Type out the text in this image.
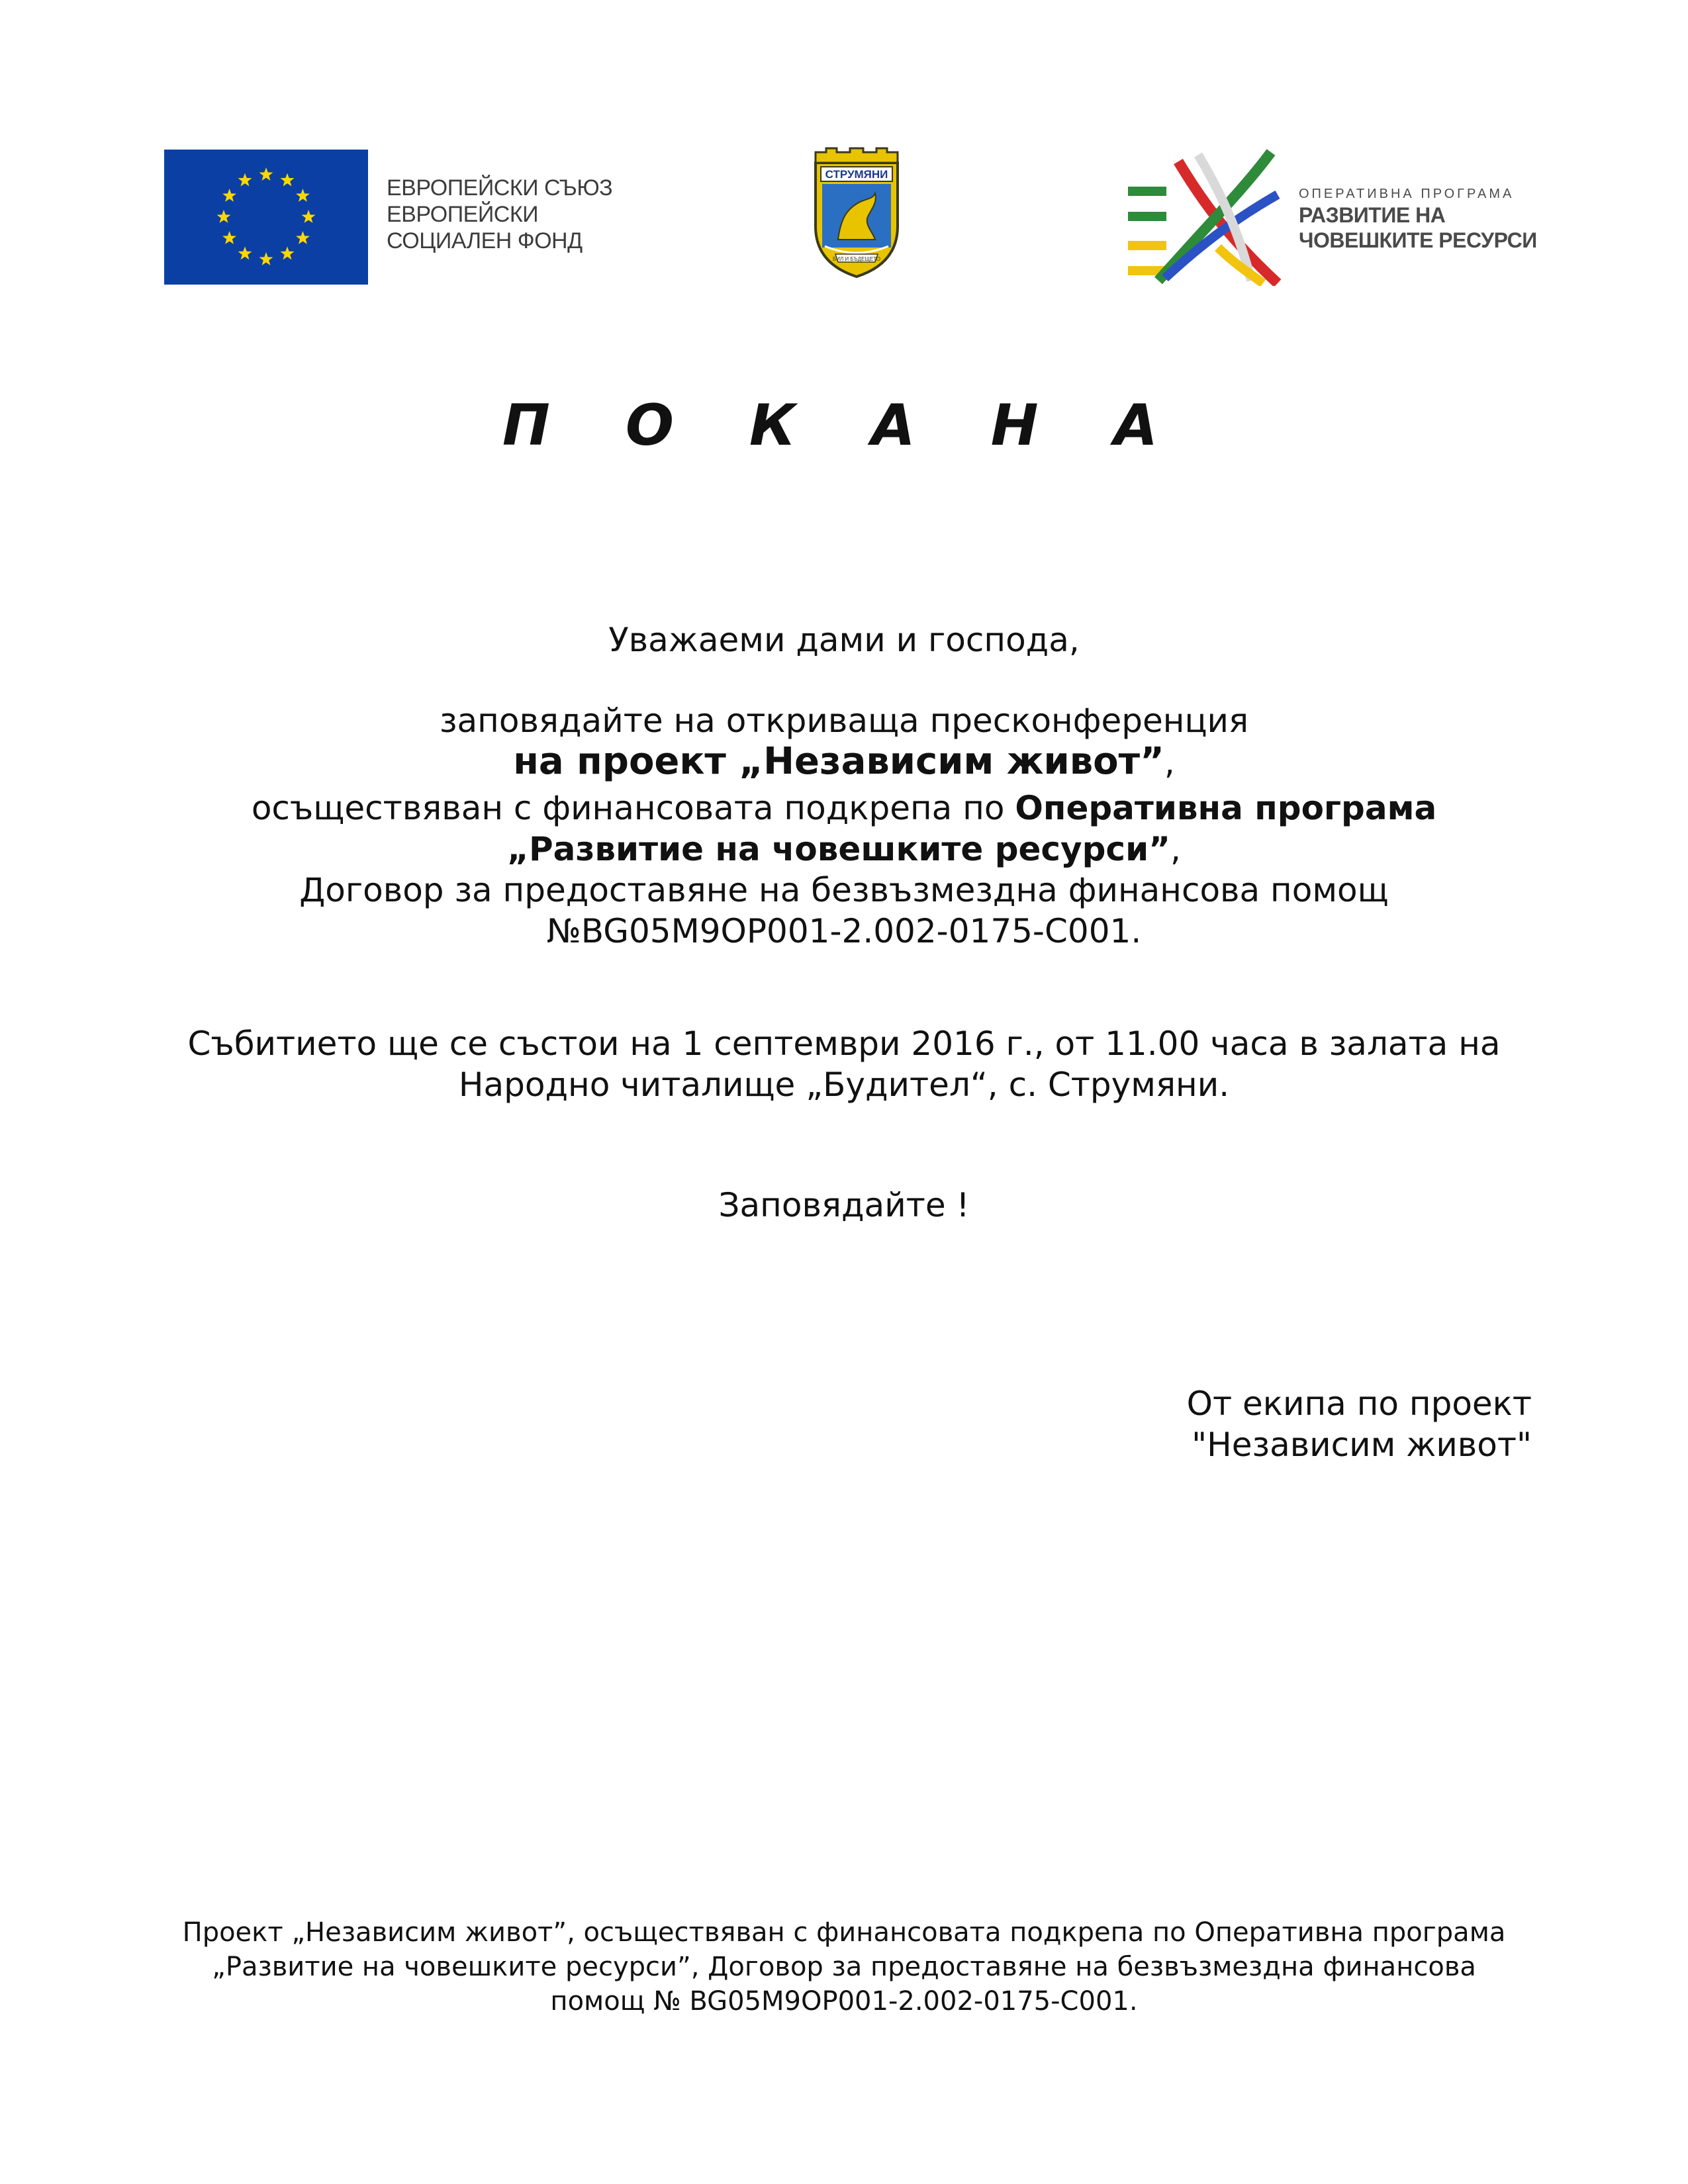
ЕВРОПЕЙСКИ СЪЮЗ
ЕВРОПЕЙСКИ
СОЦИАЛЕН ФОНД
СТРУМЯНИ
БИЛ И БЪДЕЩЕТО
ОПЕРАТИВНА ПРОГРАМА
РАЗВИТИЕ НА
ЧОВЕШКИТЕ РЕСУРСИ
П О К А Н А
Уважаеми дами и господа,
заповядайте на откриваща пресконференция
на проект „Независим живот”,
осъществяван с финансовата подкрепа по Оперативна програма
„Развитие на човешките ресурси”,
Договор за предоставяне на безвъзмездна финансова помощ
№BG05M9OP001-2.002-0175-C001.
Събитието ще се състои на 1 септември 2016 г., от 11.00 часа в залата на
Народно читалище „Будител“, с. Струмяни.
Заповядайте !
От екипа по проект
"Независим живот"
Проект „Независим живот”, осъществяван с финансовата подкрепа по Оперативна програма
„Развитие на човешките ресурси”, Договор за предоставяне на безвъзмездна финансова
помощ № BG05M9OP001-2.002-0175-C001.
